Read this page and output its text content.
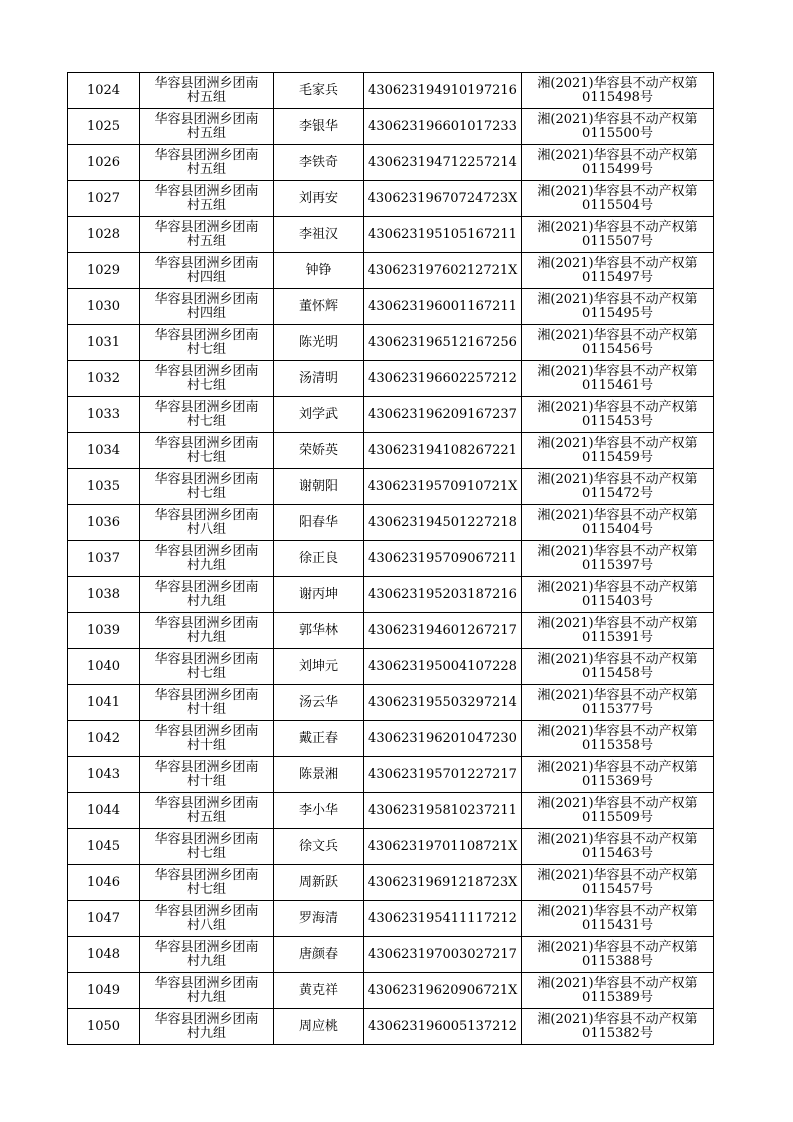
1024	华容县团洲乡团南
村五组	毛家兵	430623194910197216	湘(2021)华容县不动产权第
0115498号

1025	华容县团洲乡团南
村五组	李银华	430623196601017233	湘(2021)华容县不动产权第
0115500号

1026	华容县团洲乡团南
村五组	李铁奇	430623194712257214	湘(2021)华容县不动产权第
0115499号

1027	华容县团洲乡团南
村五组	刘再安	43062319670724723X	湘(2021)华容县不动产权第
0115504号

1028	华容县团洲乡团南
村五组	李祖汉	430623195105167211	湘(2021)华容县不动产权第
0115507号

1029	华容县团洲乡团南
村四组	钟铮	43062319760212721X	湘(2021)华容县不动产权第
0115497号

1030	华容县团洲乡团南
村四组	董怀辉	430623196001167211	湘(2021)华容县不动产权第
0115495号

1031	华容县团洲乡团南
村七组	陈光明	430623196512167256	湘(2021)华容县不动产权第
0115456号

1032	华容县团洲乡团南
村七组	汤清明	430623196602257212	湘(2021)华容县不动产权第
0115461号

1033	华容县团洲乡团南
村七组	刘学武	430623196209167237	湘(2021)华容县不动产权第
0115453号

1034	华容县团洲乡团南
村七组	荣娇英	430623194108267221	湘(2021)华容县不动产权第
0115459号

1035	华容县团洲乡团南
村七组	谢朝阳	43062319570910721X	湘(2021)华容县不动产权第
0115472号

1036	华容县团洲乡团南
村八组	阳春华	430623194501227218	湘(2021)华容县不动产权第
0115404号

1037	华容县团洲乡团南
村九组	徐正良	430623195709067211	湘(2021)华容县不动产权第
0115397号

1038	华容县团洲乡团南
村九组	谢丙坤	430623195203187216	湘(2021)华容县不动产权第
0115403号

1039	华容县团洲乡团南
村九组	郭华林	430623194601267217	湘(2021)华容县不动产权第
0115391号

1040	华容县团洲乡团南
村七组	刘坤元	430623195004107228	湘(2021)华容县不动产权第
0115458号

1041	华容县团洲乡团南
村十组	汤云华	430623195503297214	湘(2021)华容县不动产权第
0115377号

1042	华容县团洲乡团南
村十组	戴正春	430623196201047230	湘(2021)华容县不动产权第
0115358号

1043	华容县团洲乡团南
村十组	陈景湘	430623195701227217	湘(2021)华容县不动产权第
0115369号

1044	华容县团洲乡团南
村五组	李小华	430623195810237211	湘(2021)华容县不动产权第
0115509号

1045	华容县团洲乡团南
村七组	徐文兵	43062319701108721X	湘(2021)华容县不动产权第
0115463号

1046	华容县团洲乡团南
村七组	周新跃	43062319691218723X	湘(2021)华容县不动产权第
0115457号

1047	华容县团洲乡团南
村八组	罗海清	430623195411117212	湘(2021)华容县不动产权第
0115431号

1048	华容县团洲乡团南
村九组	唐颜春	430623197003027217	湘(2021)华容县不动产权第
0115388号

1049	华容县团洲乡团南
村九组	黄克祥	43062319620906721X	湘(2021)华容县不动产权第
0115389号

1050	华容县团洲乡团南
村九组	周应桃	430623196005137212	湘(2021)华容县不动产权第
0115382号
